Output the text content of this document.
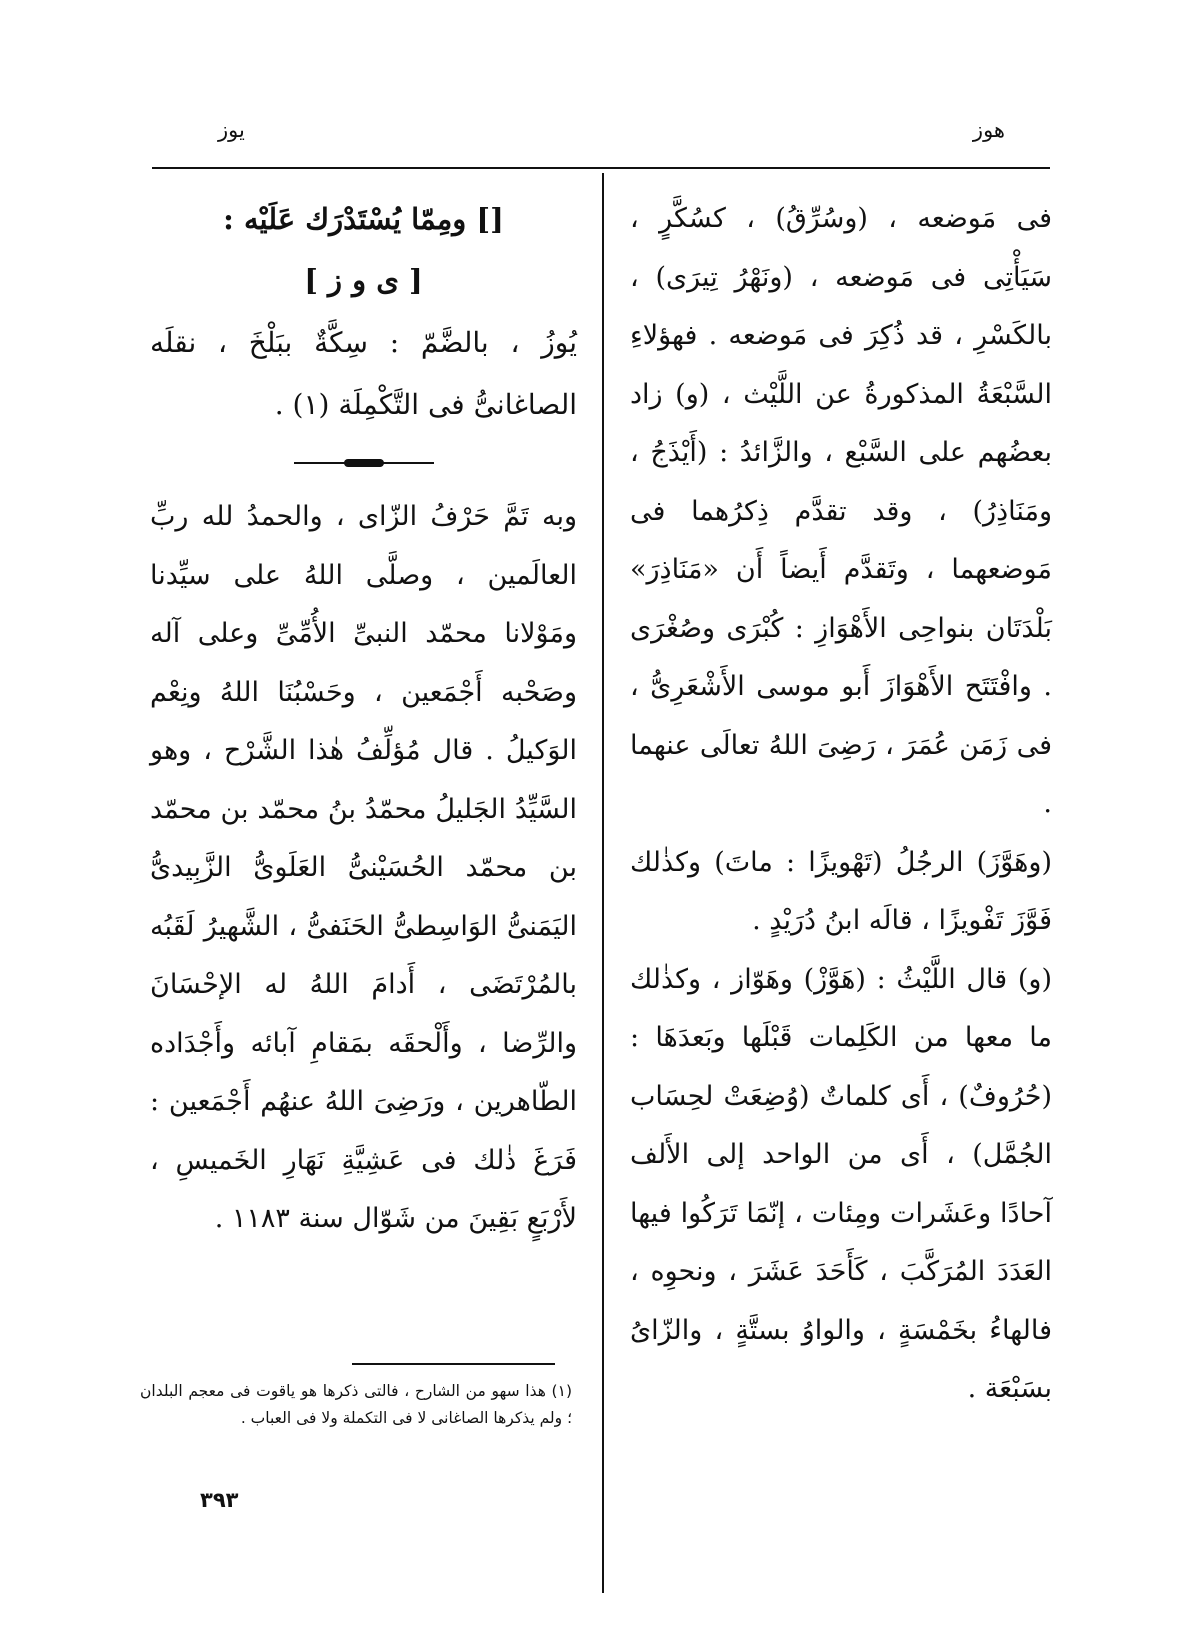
هوز
يوز

فى مَوضعه ، (وسُرِّقُ) ، كسُكَّرٍ ، سَيَأْتِى فى مَوضعه ، (ونَهْرُ تِيرَى) ، بالكَسْرِ ، قد ذُكِرَ فى مَوضعه . فهؤلاءِ السَّبْعَةُ المذكورةُ عن اللَّيْث ، (و) زاد بعضُهم على السَّبْع ، والزَّائدُ : (أَيْذَجُ ، ومَنَاذِرُ) ، وقد تقدَّم ذِكرُهما فى مَوضعهما ، وتَقدَّم أَيضاً أَن «مَنَاذِرَ» بَلْدَتَان بنواحِى الأَهْوَازِ : كُبْرَى وصُغْرَى . وافْتَتَح الأَهْوَازَ أَبو موسى الأَشْعَرِىُّ ، فى زَمَن عُمَرَ ، رَضِىَ اللهُ تعالَى عنهما .

(وهَوَّزَ) الرجُلُ (تَهْويزًا : ماتَ) وكذٰلك فَوَّزَ تَفْويزًا ، قالَه ابنُ دُرَيْدٍ .

(و) قال اللَّيْثُ : (هَوَّزْ) وهَوّاز ، وكذٰلك ما معها من الكَلِمات قَبْلَها وبَعدَهَا : (حُرُوفٌ) ، أَى كلماتٌ (وُضِعَتْ لحِسَاب الجُمَّل) ، أَى من الواحد إلى الأَلف آحادًا وعَشَرات ومِئات ، إنّمَا تَرَكُوا فيها العَدَدَ المُرَكَّبَ ، كَأَحَدَ عَشَرَ ، ونحوِه ، فالهاءُ بخَمْسَةٍ ، والواوُ بستَّةٍ ، والزّاىُ بسَبْعَة .

[] ومِمّا يُسْتَدْرَك عَلَيْه :

[ ى و ز ]

يُوزُ ، بالضَّمّ : سِكَّةٌ ببَلْخَ ، نقلَه الصاغانىُّ فى التَّكْمِلَة (١) .

وبه تَمَّ حَرْفُ الزّاى ، والحمدُ لله ربِّ العالَمين ، وصلَّى اللهُ على سيِّدنا ومَوْلانا محمّد النبىِّ الأُمِّىِّ وعلى آله وصَحْبه أَجْمَعين ، وحَسْبُنَا اللهُ ونِعْم الوَكيلُ . قال مُؤلِّفُ هٰذا الشَّرْح ، وهو السَّيِّدُ الجَليلُ محمّدُ بنُ محمّد بن محمّد بن محمّد الحُسَيْنىُّ العَلَوىُّ الزَّبِيدىُّ اليَمَنىُّ الوَاسِطىُّ الحَنَفىُّ ، الشَّهيرُ لَقَبُه بالمُرْتَضَى ، أَدامَ اللهُ له الإحْسَانَ والرِّضا ، وأَلْحقَه بمَقامِ آبائه وأَجْدَاده الطّاهرين ، ورَضِىَ اللهُ عنهُم أَجْمَعين : فَرَغَ ذٰلك فى عَشِيَّةِ نَهَارِ الخَميسِ ، لأَرْبَعٍ بَقِينَ من شَوّال سنة ١١٨٣ .

(١) هذا سهو من الشارح ، فالتى ذكرها هو ياقوت فى معجم البلدان ؛ ولم يذكرها الصاغانى لا فى التكملة ولا فى العباب .
٣٩٣
